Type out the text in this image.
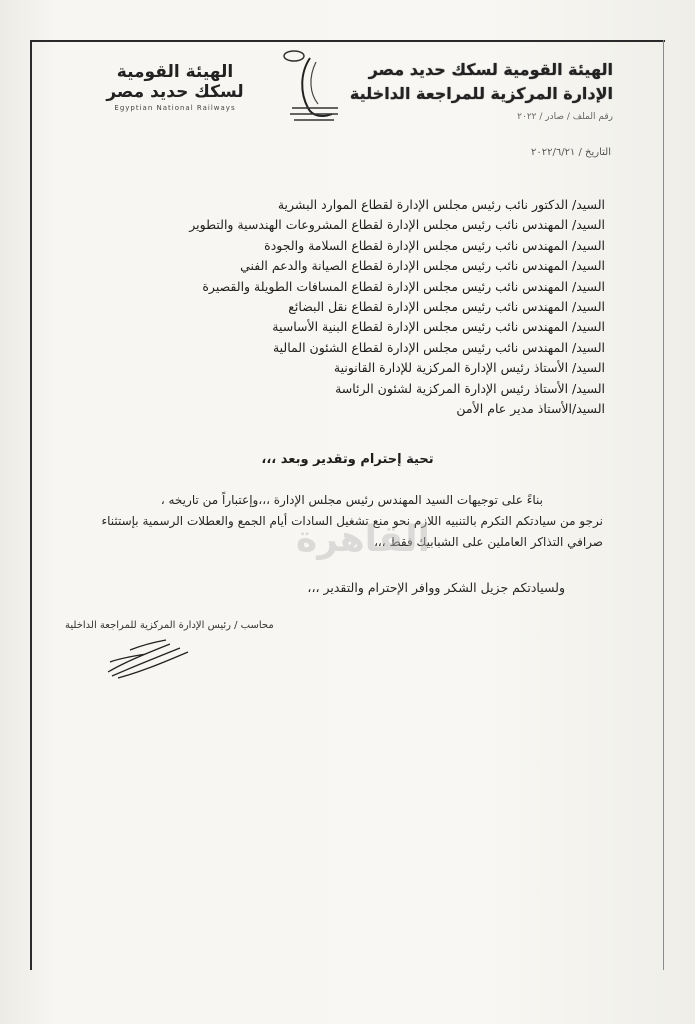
الهيئة القومية لسكك حديد مصر
الإدارة المركزية للمراجعة الداخلية
رقم الملف / صادر / ٢٠٢٢
التاريخ / ٢٠٢٢/٦/٢١
الهيئة القومية
لسكك حديد مصر
Egyptian National Railways
السيد/ الدكتور نائب رئيس مجلس الإدارة لقطاع الموارد البشرية
السيد/ المهندس نائب رئيس مجلس الإدارة لقطاع المشروعات الهندسية والتطوير
السيد/ المهندس نائب رئيس مجلس الإدارة لقطاع السلامة والجودة
السيد/ المهندس نائب رئيس مجلس الإدارة لقطاع الصيانة والدعم الفني
السيد/ المهندس نائب رئيس مجلس الإدارة لقطاع المسافات الطويلة والقصيرة
السيد/ المهندس نائب رئيس مجلس الإدارة لقطاع نقل البضائع
السيد/ المهندس نائب رئيس مجلس الإدارة لقطاع البنية الأساسية
السيد/ المهندس نائب رئيس مجلس الإدارة لقطاع الشئون المالية
السيد/ الأستاذ رئيس الإدارة المركزية للإدارة القانونية
السيد/ الأستاذ رئيس الإدارة المركزية لشئون الرئاسة
السيد/الأستاذ مدير عام الأمن
تحية إحترام وتقدير وبعد ،،،
بناءً على توجيهات السيد المهندس رئيس مجلس الإدارة ،،،وإعتباراً من تاريخه ،
نرجو من سيادتكم التكرم بالتنبيه اللازم نحو منع تشغيل السادات أيام الجمع والعطلات الرسمية بإستثناء صرافي التذاكر العاملين على الشبابيك فقط ،،،
القاهرة
ولسيادتكم جزيل الشكر ووافر الإحترام والتقدير ،،،
محاسب / رئيس الإدارة المركزية للمراجعة الداخلية
